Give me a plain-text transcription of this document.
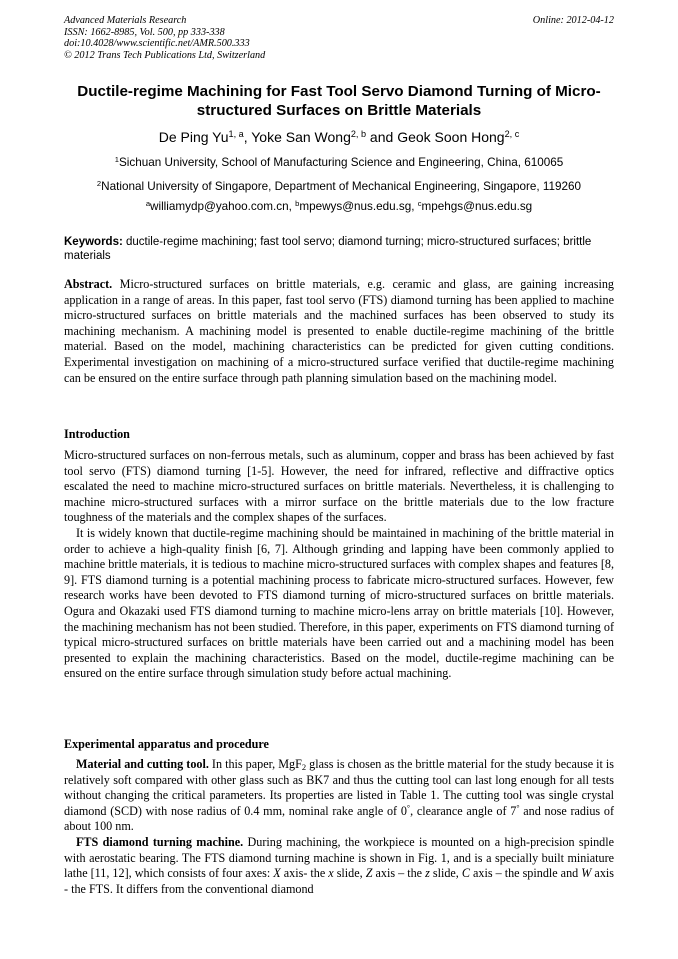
Advanced Materials Research
ISSN: 1662-8985, Vol. 500, pp 333-338
doi:10.4028/www.scientific.net/AMR.500.333
© 2012 Trans Tech Publications Ltd, Switzerland
Online: 2012-04-12
Ductile-regime Machining for Fast Tool Servo Diamond Turning of Micro-structured Surfaces on Brittle Materials
De Ping Yu$^{1, a}$, Yoke San Wong$^{2, b}$ and Geok Soon Hong$^{2, c}$
$^1$Sichuan University, School of Manufacturing Science and Engineering, China, 610065
$^2$National University of Singapore, Department of Mechanical Engineering, Singapore, 119260
$^a$williamydp@yahoo.com.cn, $^b$mpewys@nus.edu.sg, $^c$mpehgs@nus.edu.sg
Keywords: ductile-regime machining; fast tool servo; diamond turning; micro-structured surfaces; brittle materials

Abstract. Micro-structured surfaces on brittle materials, e.g. ceramic and glass, are gaining increasing application in a range of areas. In this paper, fast tool servo (FTS) diamond turning has been applied to machine micro-structured surfaces on brittle materials and the machined surfaces has been observed to study its machining mechanism. A machining model is presented to enable ductile-regime machining of the brittle material. Based on the model, machining characteristics can be predicted for given cutting conditions. Experimental investigation on machining of a micro-structured surface verified that ductile-regime machining can be ensured on the entire surface through path planning simulation based on the machining model.

Introduction

Micro-structured surfaces on non-ferrous metals, such as aluminum, copper and brass has been achieved by fast tool servo (FTS) diamond turning [1-5]. However, the need for infrared, reflective and diffractive optics escalated the need to machine micro-structured surfaces on brittle materials. Nevertheless, it is challenging to machine micro-structured surfaces with a mirror surface on the brittle materials due to the low fracture toughness of the materials and the complex shapes of the surfaces.

It is widely known that ductile-regime machining should be maintained in machining of the brittle material in order to achieve a high-quality finish [6, 7]. Although grinding and lapping have been commonly applied to machine brittle materials, it is tedious to machine micro-structured surfaces with complex shapes and features [8, 9]. FTS diamond turning is a potential machining process to fabricate micro-structured surfaces. However, few research works have been devoted to FTS diamond turning of micro-structured surfaces on brittle materials. Ogura and Okazaki used FTS diamond turning to machine micro-lens array on brittle materials [10]. However, the machining mechanism has not been studied. Therefore, in this paper, experiments on FTS diamond turning of typical micro-structured surfaces on brittle materials have been carried out and a machining model has been presented to explain the machining characteristics. Based on the model, ductile-regime machining can be ensured on the entire surface through simulation study before actual machining.

Experimental apparatus and procedure

Material and cutting tool. In this paper, MgF$_2$ glass is chosen as the brittle material for the study because it is relatively soft compared with other glass such as BK7 and thus the cutting tool can last long enough for all tests without changing the critical parameters. Its properties are listed in Table 1. The cutting tool was single crystal diamond (SCD) with nose radius of 0.4 mm, nominal rake angle of 0°, clearance angle of 7° and nose radius of about 100 nm.

FTS diamond turning machine. During machining, the workpiece is mounted on a high-precision spindle with aerostatic bearing. The FTS diamond turning machine is shown in Fig. 1, and is a specially built miniature lathe [11, 12], which consists of four axes: X axis- the x slide, Z axis – the z slide, C axis – the spindle and W axis - the FTS. It differs from the conventional diamond
